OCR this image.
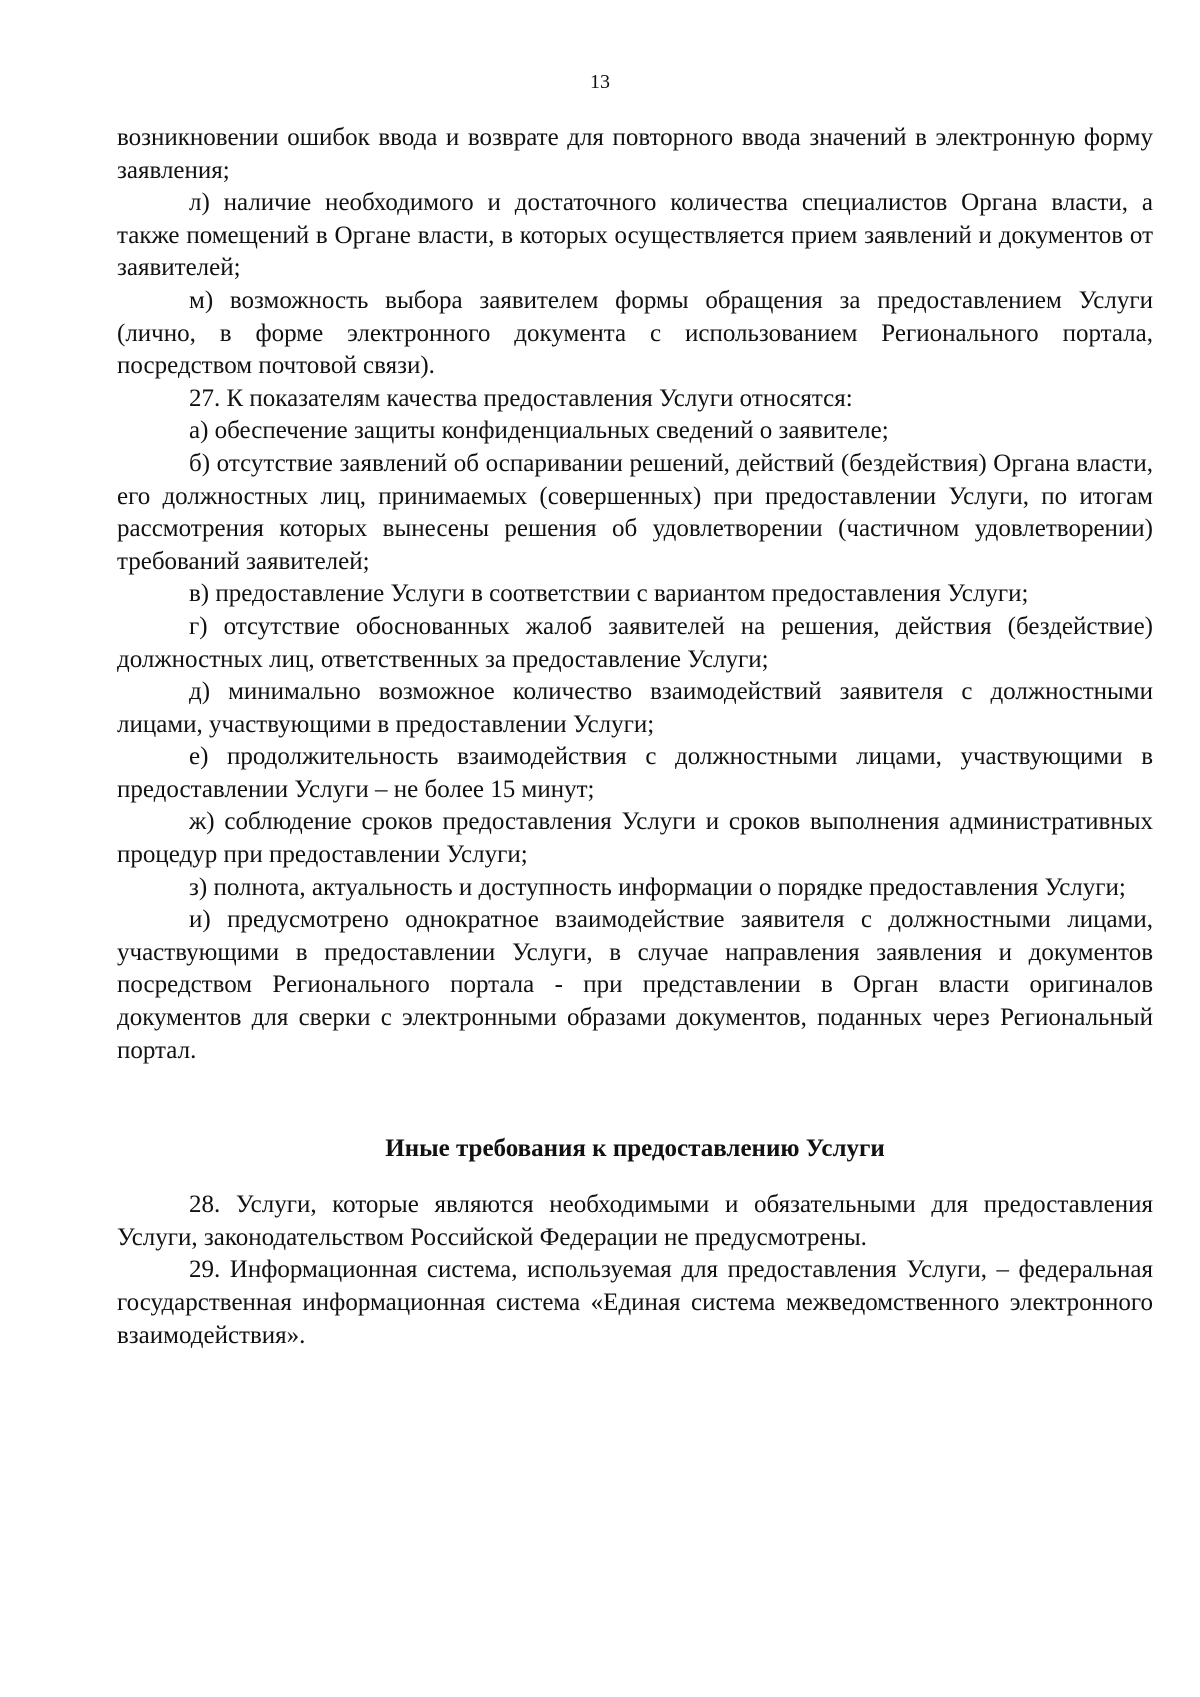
13

возникновении ошибок ввода и возврате для повторного ввода значений в электронную форму заявления;

л) наличие необходимого и достаточного количества специалистов Органа власти, а также помещений в Органе власти, в которых осуществляется прием заявлений и документов от заявителей;

м) возможность выбора заявителем формы обращения за предоставлением Услуги (лично, в форме электронного документа с использованием Регионального портала, посредством почтовой связи).

27. К показателям качества предоставления Услуги относятся:

а) обеспечение защиты конфиденциальных сведений о заявителе;

б) отсутствие заявлений об оспаривании решений, действий (бездействия) Органа власти, его должностных лиц, принимаемых (совершенных) при предоставлении Услуги, по итогам рассмотрения которых вынесены решения об удовлетворении (частичном удовлетворении) требований заявителей;

в) предоставление Услуги в соответствии с вариантом предоставления Услуги;

г) отсутствие обоснованных жалоб заявителей на решения, действия (бездействие) должностных лиц, ответственных за предоставление Услуги;

д) минимально возможное количество взаимодействий заявителя с должностными лицами, участвующими в предоставлении Услуги;

е) продолжительность взаимодействия с должностными лицами, участвующими в предоставлении Услуги – не более 15 минут;

ж) соблюдение сроков предоставления Услуги и сроков выполнения административных процедур при предоставлении Услуги;

з) полнота, актуальность и доступность информации о порядке предоставления Услуги;

и) предусмотрено однократное взаимодействие заявителя с должностными лицами, участвующими в предоставлении Услуги, в случае направления заявления и документов посредством Регионального портала - при представлении в Орган власти оригиналов документов для сверки с электронными образами документов, поданных через Региональный портал.

Иные требования к предоставлению Услуги

28. Услуги, которые являются необходимыми и обязательными для предоставления Услуги, законодательством Российской Федерации не предусмотрены.

29. Информационная система, используемая для предоставления Услуги, – федеральная государственная информационная система «Единая система межведомственного электронного взаимодействия».
